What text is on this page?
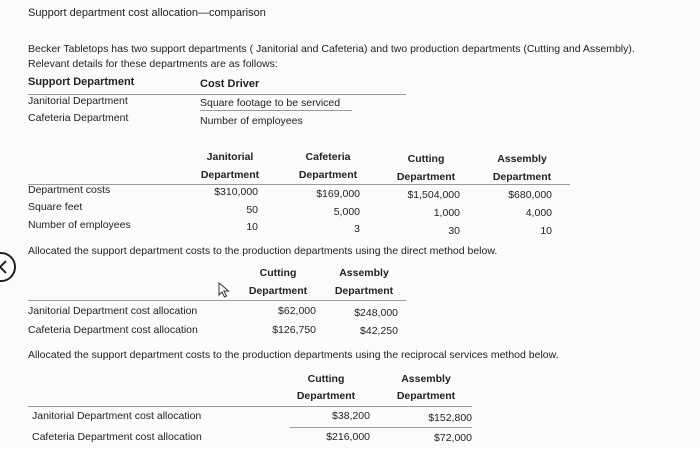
Support department cost allocation—comparison
Becker Tabletops has two support departments ( Janitorial and Cafeteria) and two production departments (Cutting and Assembly).
Relevant details for these departments are as follows:
Support Department	Cost Driver
Janitorial Department	Square footage to be serviced
Cafeteria Department	Number of employees
Janitorial
Department
Cafeteria
Department
Cutting
Department
Assembly
Department
Department costs	$310,000	$169,000	$1,504,000	$680,000
Square feet	50	5,000	1,000	4,000
Number of employees	10	3	30	10
Allocated the support department costs to the production departments using the direct method below.
Cutting
Department
Assembly
Department
Janitorial Department cost allocation	$62,000	$248,000
Cafeteria Department cost allocation	$126,750	$42,250
Allocated the support department costs to the production departments using the reciprocal services method below.
Cutting
Department
Assembly
Department
Janitorial Department cost allocation	$38,200	$152,800
Cafeteria Department cost allocation	$216,000	$72,000
